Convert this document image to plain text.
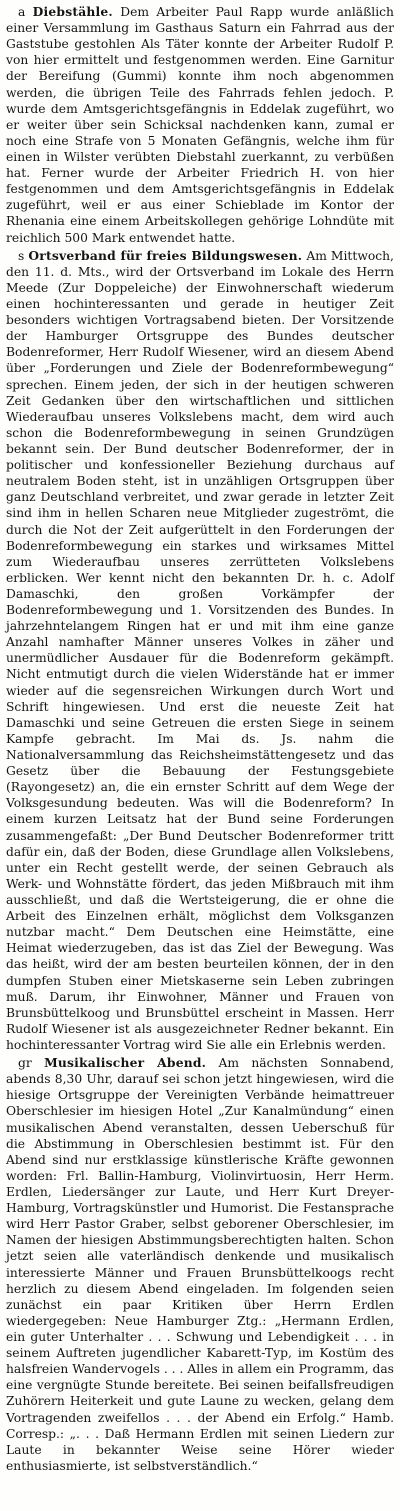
a Diebstähle. Dem Arbeiter Paul Rapp wurde anläßlich einer Versammlung im Gasthaus Saturn ein Fahrrad aus der Gaststube gestohlen Als Täter konnte der Arbeiter Rudolf P. von hier ermittelt und festgenommen werden. Eine Garnitur der Bereifung (Gummi) konnte ihm noch abgenommen werden, die übrigen Teile des Fahrrads fehlen jedoch. P. wurde dem Amtsgerichtsgefängnis in Eddelak zugeführt, wo er weiter über sein Schicksal nachdenken kann, zumal er noch eine Strafe von 5 Monaten Gefängnis, welche ihm für einen in Wilster verübten Diebstahl zuerkannt, zu verbüßen hat. Ferner wurde der Arbeiter Friedrich H. von hier festgenommen und dem Amtsgerichtsgefängnis in Eddelak zugeführt, weil er aus einer Schieblade im Kontor der Rhenania eine einem Arbeitskollegen gehörige Lohndüte mit reichlich 500 Mark entwendet hatte.

s Ortsverband für freies Bildungswesen. Am Mittwoch, den 11. d. Mts., wird der Ortsverband im Lokale des Herrn Meede (Zur Doppeleiche) der Einwohnerschaft wiederum einen hochinteressanten und gerade in heutiger Zeit besonders wichtigen Vortragsabend bieten. Der Vorsitzende der Hamburger Ortsgruppe des Bundes deutscher Bodenreformer, Herr Rudolf Wiesener, wird an diesem Abend über „Forderungen und Ziele der Bodenreformbewegung“ sprechen. Einem jeden, der sich in der heutigen schweren Zeit Gedanken über den wirtschaftlichen und sittlichen Wiederaufbau unseres Volkslebens macht, dem wird auch schon die Bodenreformbewegung in seinen Grundzügen bekannt sein. Der Bund deutscher Bodenreformer, der in politischer und konfessioneller Beziehung durchaus auf neutralem Boden steht, ist in unzähligen Ortsgruppen über ganz Deutschland verbreitet, und zwar gerade in letzter Zeit sind ihm in hellen Scharen neue Mitglieder zugeströmt, die durch die Not der Zeit aufgerüttelt in den Forderungen der Bodenreformbewegung ein starkes und wirksames Mittel zum Wiederaufbau unseres zerrütteten Volkslebens erblicken. Wer kennt nicht den bekannten Dr. h. c. Adolf Damaschki, den großen Vorkämpfer der Bodenreformbewegung und 1. Vorsitzenden des Bundes. In jahrzehntelangem Ringen hat er und mit ihm eine ganze Anzahl namhafter Männer unseres Volkes in zäher und unermüdlicher Ausdauer für die Bodenreform gekämpft. Nicht entmutigt durch die vielen Widerstände hat er immer wieder auf die segensreichen Wirkungen durch Wort und Schrift hingewiesen. Und erst die neueste Zeit hat Damaschki und seine Getreuen die ersten Siege in seinem Kampfe gebracht. Im Mai ds. Js. nahm die Nationalversammlung das Reichsheimstättengesetz und das Gesetz über die Bebauung der Festungsgebiete (Rayongesetz) an, die ein ernster Schritt auf dem Wege der Volksgesundung bedeuten. Was will die Bodenreform? In einem kurzen Leitsatz hat der Bund seine Forderungen zusammengefaßt: „Der Bund Deutscher Bodenreformer tritt dafür ein, daß der Boden, diese Grundlage allen Volkslebens, unter ein Recht gestellt werde, der seinen Gebrauch als Werk- und Wohnstätte fördert, das jeden Mißbrauch mit ihm ausschließt, und daß die Wertsteigerung, die er ohne die Arbeit des Einzelnen erhält, möglichst dem Volksganzen nutzbar macht.“ Dem Deutschen eine Heimstätte, eine Heimat wiederzugeben, das ist das Ziel der Bewegung. Was das heißt, wird der am besten beurteilen können, der in den dumpfen Stuben einer Mietskaserne sein Leben zubringen muß. Darum, ihr Einwohner, Männer und Frauen von Brunsbüttelkoog und Brunsbüttel erscheint in Massen. Herr Rudolf Wiesener ist als ausgezeichneter Redner bekannt. Ein hochinteressanter Vortrag wird Sie alle ein Erlebnis werden.

gr Musikalischer Abend. Am nächsten Sonnabend, abends 8,30 Uhr, darauf sei schon jetzt hingewiesen, wird die hiesige Ortsgruppe der Vereinigten Verbände heimattreuer Oberschlesier im hiesigen Hotel „Zur Kanalmündung“ einen musikalischen Abend veranstalten, dessen Ueberschuß für die Abstimmung in Oberschlesien bestimmt ist. Für den Abend sind nur erstklassige künstlerische Kräfte gewonnen worden: Frl. Ballin-Hamburg, Violinvirtuosin, Herr Herm. Erdlen, Liedersänger zur Laute, und Herr Kurt Dreyer-Hamburg, Vortragskünstler und Humorist. Die Festansprache wird Herr Pastor Graber, selbst geborener Oberschlesier, im Namen der hiesigen Abstimmungsberechtigten halten. Schon jetzt seien alle vaterländisch denkende und musikalisch interessierte Männer und Frauen Brunsbüttelkoogs recht herzlich zu diesem Abend eingeladen. Im folgenden seien zunächst ein paar Kritiken über Herrn Erdlen wiedergegeben: Neue Hamburger Ztg.: „Hermann Erdlen, ein guter Unterhalter . . . Schwung und Lebendigkeit . . . in seinem Auftreten jugendlicher Kabarett-Typ, im Kostüm des halsfreien Wandervogels . . . Alles in allem ein Programm, das eine vergnügte Stunde bereitete. Bei seinen beifallsfreudigen Zuhörern Heiterkeit und gute Laune zu wecken, gelang dem Vortragenden zweifellos . . . der Abend ein Erfolg.“ Hamb. Corresp.: „. . . Daß Hermann Erdlen mit seinen Liedern zur Laute in bekannter Weise seine Hörer wieder enthusiasmierte, ist selbstverständlich.“
